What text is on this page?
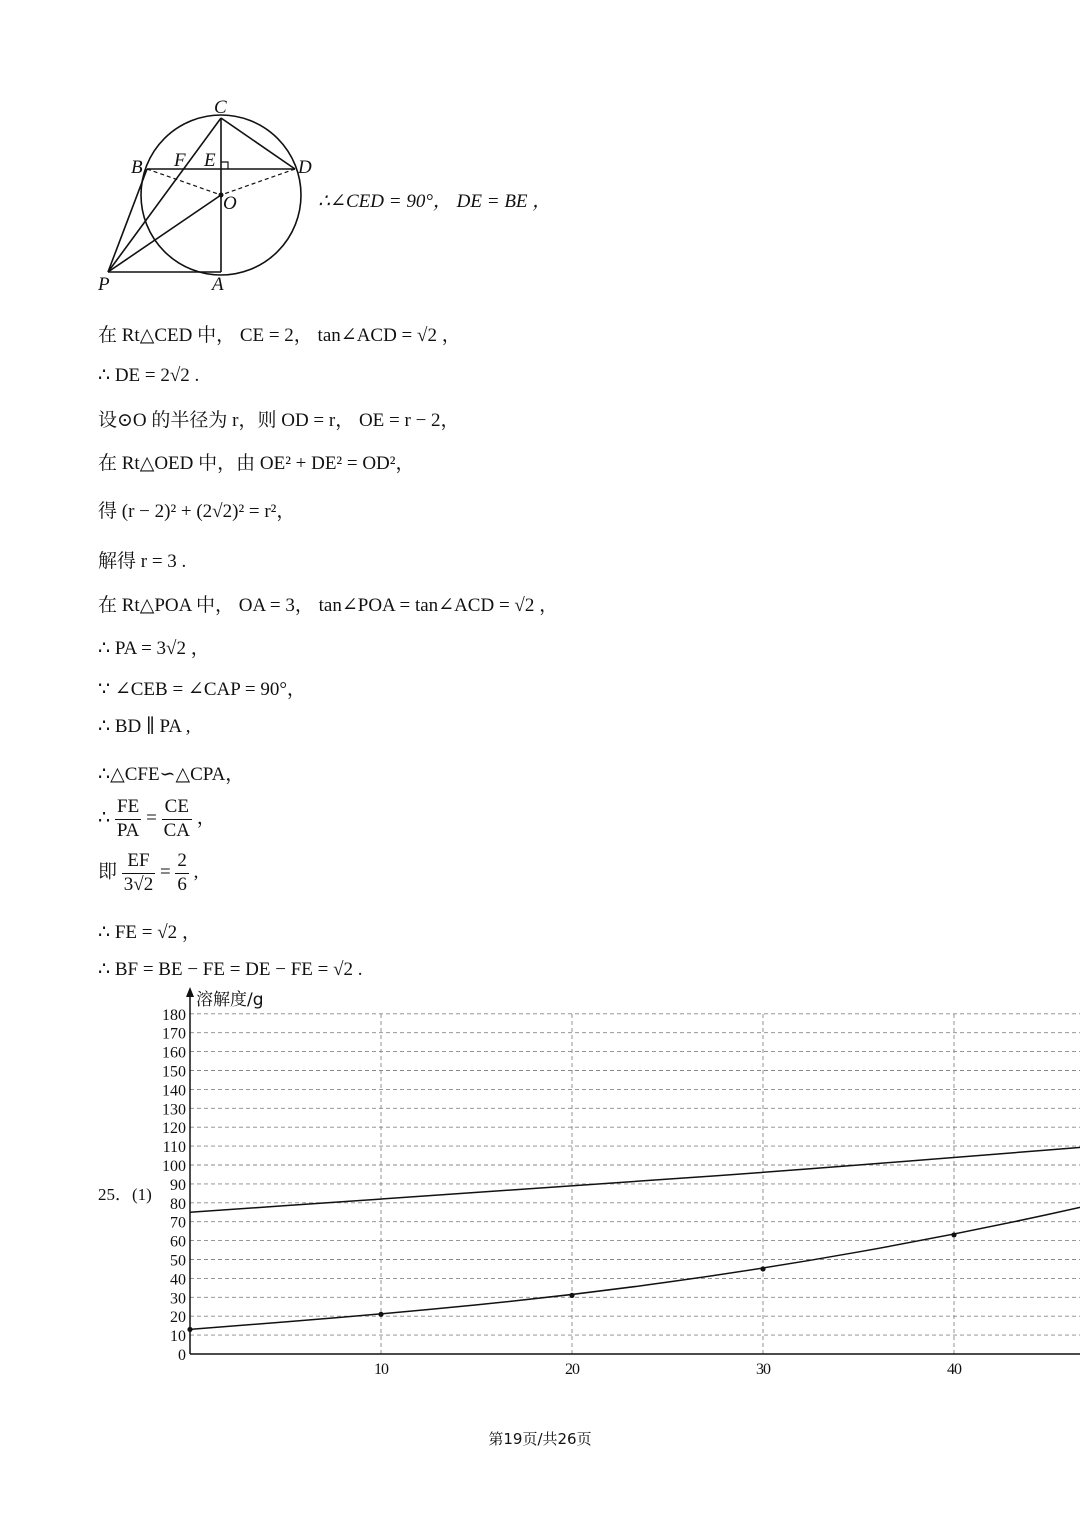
C
B F E	D
O
P	A
∴∠CED = 90°， DE = BE ，
在 Rt△CED 中， CE = 2， tan∠ACD = √2 ，
∴ DE = 2√2 .
设⊙O 的半径为 r，则 OD = r， OE = r − 2，
在 Rt△OED 中，由 OE² + DE² = OD²，
得 (r − 2)² + (2√2)² = r²，
解得 r = 3 .
在 Rt△POA 中， OA = 3， tan∠POA = tan∠ACD = √2 ，
∴ PA = 3√2 ，
∵ ∠CEB = ∠CAP = 90°，
∴ BD ∥ PA ,
∴△CFE∽△CPA，
∴ $\frac{FE}{PA} = \frac{CE}{CA}$ ，
即 $\frac{EF}{3√2} = \frac{2}{6}$ ,
∴ FE = √2 ，
∴ BF = BE − FE = DE − FE = √2 .
25．(1)
0
10
20
30
40
50
60
70
80
90
100
110
120
130
140
150
160
170
180
10	20	30	40
溶解度/g
第19页/共26页
